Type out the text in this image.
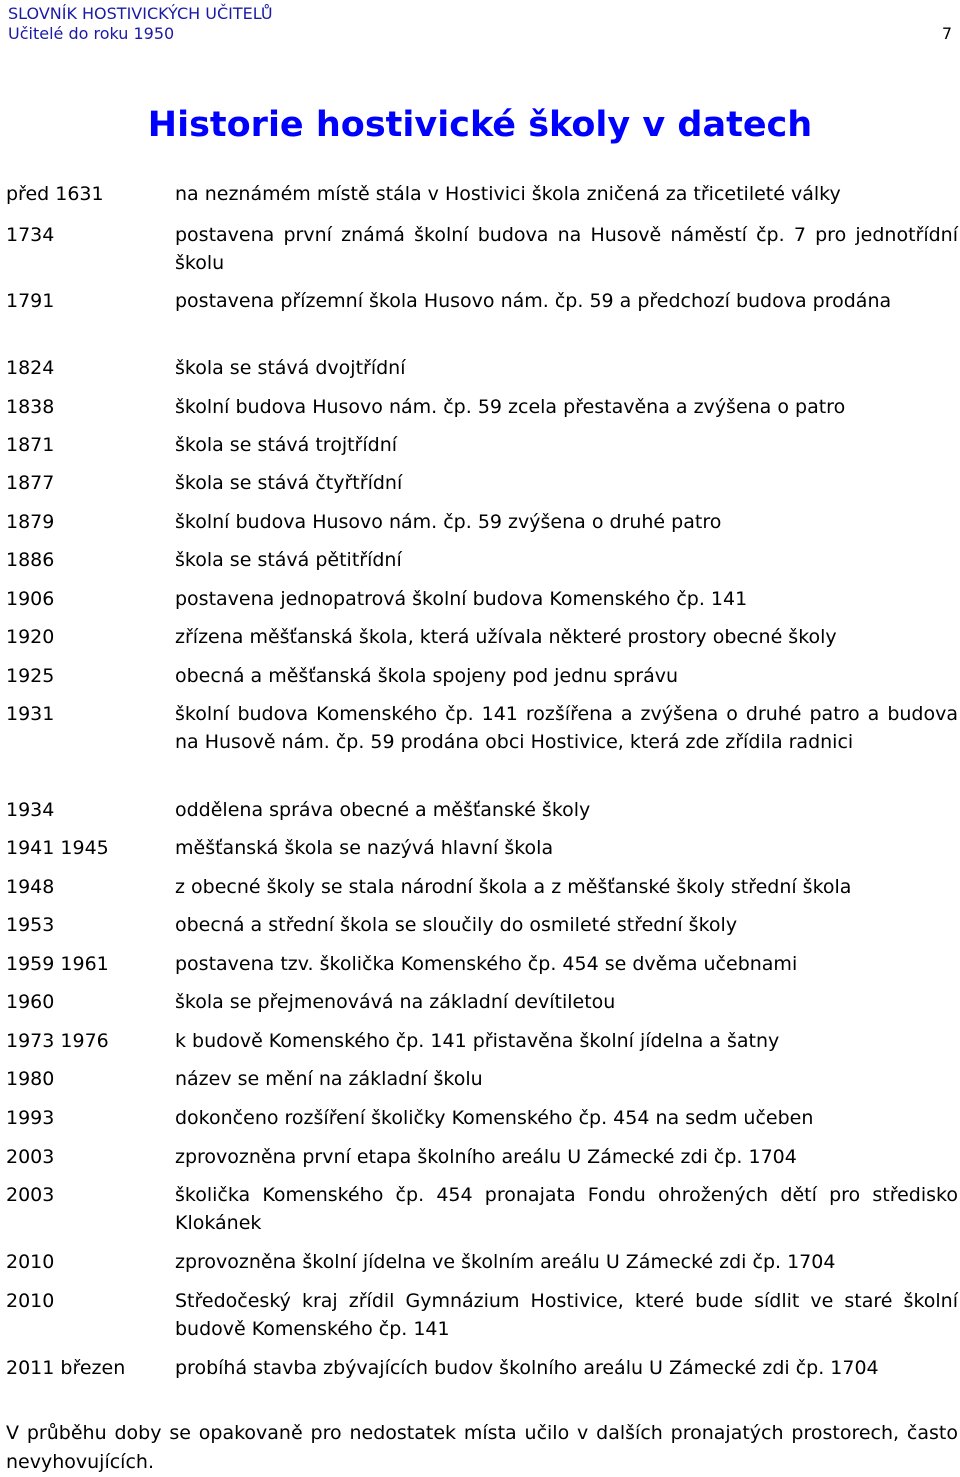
SLOVNÍK HOSTIVICKÝCH UČITELŮ
Učitelé do roku 1950	7
Historie hostivické školy v datech
před 1631	na neznámém místě stála v Hostivici škola zničená za třicetileté války
1734	postavena první známá školní budova na Husově náměstí čp. 7 pro jednotřídní školu
1791	postavena přízemní škola Husovo nám. čp. 59 a předchozí budova prodána
1824	škola se stává dvojtřídní
1838	školní budova Husovo nám. čp. 59 zcela přestavěna a zvýšena o patro
1871	škola se stává trojtřídní
1877	škola se stává čtyřtřídní
1879	školní budova Husovo nám. čp. 59 zvýšena o druhé patro
1886	škola se stává pětitřídní
1906	postavena jednopatrová školní budova Komenského čp. 141
1920	zřízena měšťanská škola, která užívala některé prostory obecné školy
1925	obecná a měšťanská škola spojeny pod jednu správu
1931	školní budova Komenského čp. 141 rozšířena a zvýšena o druhé patro a budova na Husově nám. čp. 59 prodána obci Hostivice, která zde zřídila radnici
1934	oddělena správa obecné a měšťanské školy
1941 1945	měšťanská škola se nazývá hlavní škola
1948	z obecné školy se stala národní škola a z měšťanské školy střední škola
1953	obecná a střední škola se sloučily do osmileté střední školy
1959 1961	postavena tzv. školička Komenského čp. 454 se dvěma učebnami
1960	škola se přejmenovává na základní devítiletou
1973 1976	k budově Komenského čp. 141 přistavěna školní jídelna a šatny
1980	název se mění na základní školu
1993	dokončeno rozšíření školičky Komenského čp. 454 na sedm učeben
2003	zprovozněna první etapa školního areálu U Zámecké zdi čp. 1704
2003	školička Komenského čp. 454 pronajata Fondu ohrožených dětí pro středisko Klokánek
2010	zprovozněna školní jídelna ve školním areálu U Zámecké zdi čp. 1704
2010	Středočeský kraj zřídil Gymnázium Hostivice, které bude sídlit ve staré školní budově Komenského čp. 141
2011 březen	probíhá stavba zbývajících budov školního areálu U Zámecké zdi čp. 1704
V průběhu doby se opakovaně pro nedostatek místa učilo v dalších pronajatých prostorech, často nevyhovujících.
